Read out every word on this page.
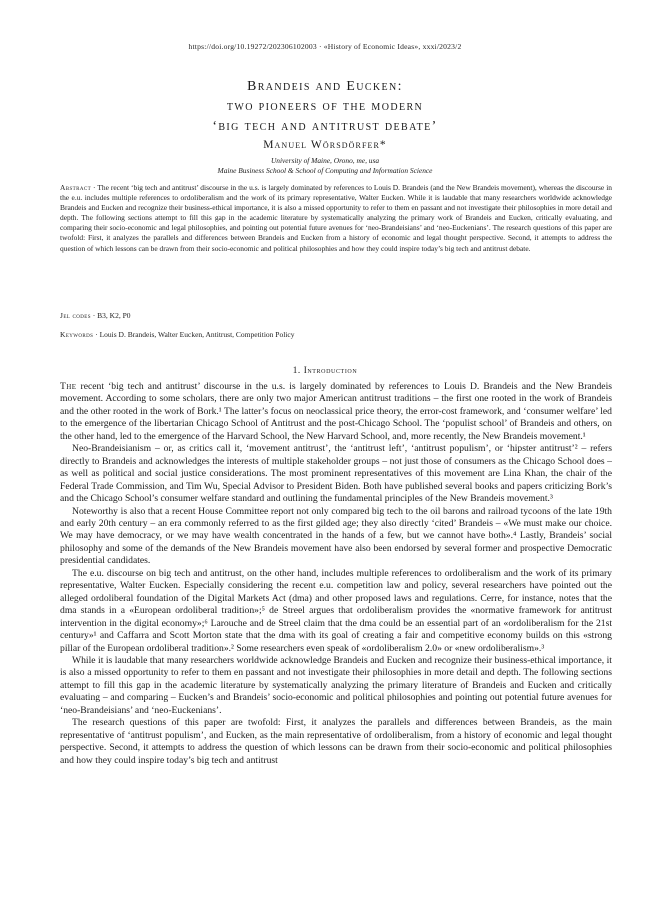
https://doi.org/10.19272/202306102003 · «History of Economic Ideas», xxxi/2023/2
Brandeis and Eucken:
two pioneers of the modern
‘big tech and antitrust debate’
Manuel Wörsdörfer*
University of Maine, Orono, me, usa
Maine Business School & School of Computing and Information Science
Abstract · The recent ‘big tech and antitrust’ discourse in the u.s. is largely dominated by references to Louis D. Brandeis (and the New Brandeis movement), whereas the discourse in the e.u. includes multiple references to ordoliberalism and the work of its primary representative, Walter Eucken. While it is laudable that many researchers worldwide acknowledge Brandeis and Eucken and recognize their business-ethical importance, it is also a missed opportunity to refer to them en passant and not investigate their philosophies in more detail and depth. The following sections attempt to fill this gap in the academic literature by systematically analyzing the primary work of Brandeis and Eucken, critically evaluating, and comparing their socio-economic and legal philosophies, and pointing out potential future avenues for ‘neo-Brandeisians’ and ‘neo-Euckenians’. The research questions of this paper are twofold: First, it analyzes the parallels and differences between Brandeis and Eucken from a history of economic and legal thought perspective. Second, it attempts to address the question of which lessons can be drawn from their socio-economic and political philosophies and how they could inspire today’s big tech and antitrust debate.
Jel codes · B3, K2, P0
Keywords · Louis D. Brandeis, Walter Eucken, Antitrust, Competition Policy
1. Introduction

The recent ‘big tech and antitrust’ discourse in the u.s. is largely dominated by references to Louis D. Brandeis and the New Brandeis movement. According to some scholars, there are only two major American antitrust traditions – the first one rooted in the work of Brandeis and the other rooted in the work of Bork.¹ The latter’s focus on neoclassical price theory, the error-cost framework, and ‘consumer welfare’ led to the emergence of the libertarian Chicago School of Antitrust and the post-Chicago School. The ‘populist school’ of Brandeis and others, on the other hand, led to the emergence of the Harvard School, the New Harvard School, and, more recently, the New Brandeis movement.¹

Neo-Brandeisianism – or, as critics call it, ‘movement antitrust’, the ‘antitrust left’, ‘antitrust populism’, or ‘hipster antitrust’² – refers directly to Brandeis and acknowledges the interests of multiple stakeholder groups – not just those of consumers as the Chicago School does – as well as political and social justice considerations. The most prominent representatives of this movement are Lina Khan, the chair of the Federal Trade Commission, and Tim Wu, Special Advisor to President Biden. Both have published several books and papers criticizing Bork’s and the Chicago School’s consumer welfare standard and outlining the fundamental principles of the New Brandeis movement.³

Noteworthy is also that a recent House Committee report not only compared big tech to the oil barons and railroad tycoons of the late 19th and early 20th century – an era commonly referred to as the first gilded age; they also directly ‘cited’ Brandeis – «We must make our choice. We may have democracy, or we may have wealth concentrated in the hands of a few, but we cannot have both».⁴ Lastly, Brandeis’ social philosophy and some of the demands of the New Brandeis movement have also been endorsed by several former and prospective Democratic presidential candidates.

The e.u. discourse on big tech and antitrust, on the other hand, includes multiple references to ordoliberalism and the work of its primary representative, Walter Eucken. Especially considering the recent e.u. competition law and policy, several researchers have pointed out the alleged ordoliberal foundation of the Digital Markets Act (dma) and other proposed laws and regulations. Cerre, for instance, notes that the dma stands in a «European ordoliberal tradition»;⁵ de Streel argues that ordoliberalism provides the «normative framework for antitrust intervention in the digital economy»;⁶ Larouche and de Streel claim that the dma could be an essential part of an «ordoliberalism for the 21st century»¹ and Caffarra and Scott Morton state that the dma with its goal of creating a fair and competitive economy builds on this «strong pillar of the European ordoliberal tradition».² Some researchers even speak of «ordoliberalism 2.0» or «new ordoliberalism».³

While it is laudable that many researchers worldwide acknowledge Brandeis and Eucken and recognize their business-ethical importance, it is also a missed opportunity to refer to them en passant and not investigate their philosophies in more detail and depth. The following sections attempt to fill this gap in the academic literature by systematically analyzing the primary literature of Brandeis and Eucken and critically evaluating – and comparing – Eucken’s and Brandeis’ socio-economic and political philosophies and pointing out potential future avenues for ‘neo-Brandeisians’ and ‘neo-Euckenians’.

The research questions of this paper are twofold: First, it analyzes the parallels and differences between Brandeis, as the main representative of ‘antitrust populism’, and Eucken, as the main representative of ordoliberalism, from a history of economic and legal thought perspective. Second, it attempts to address the question of which lessons can be drawn from their socio-economic and political philosophies and how they could inspire today’s big tech and antitrust
